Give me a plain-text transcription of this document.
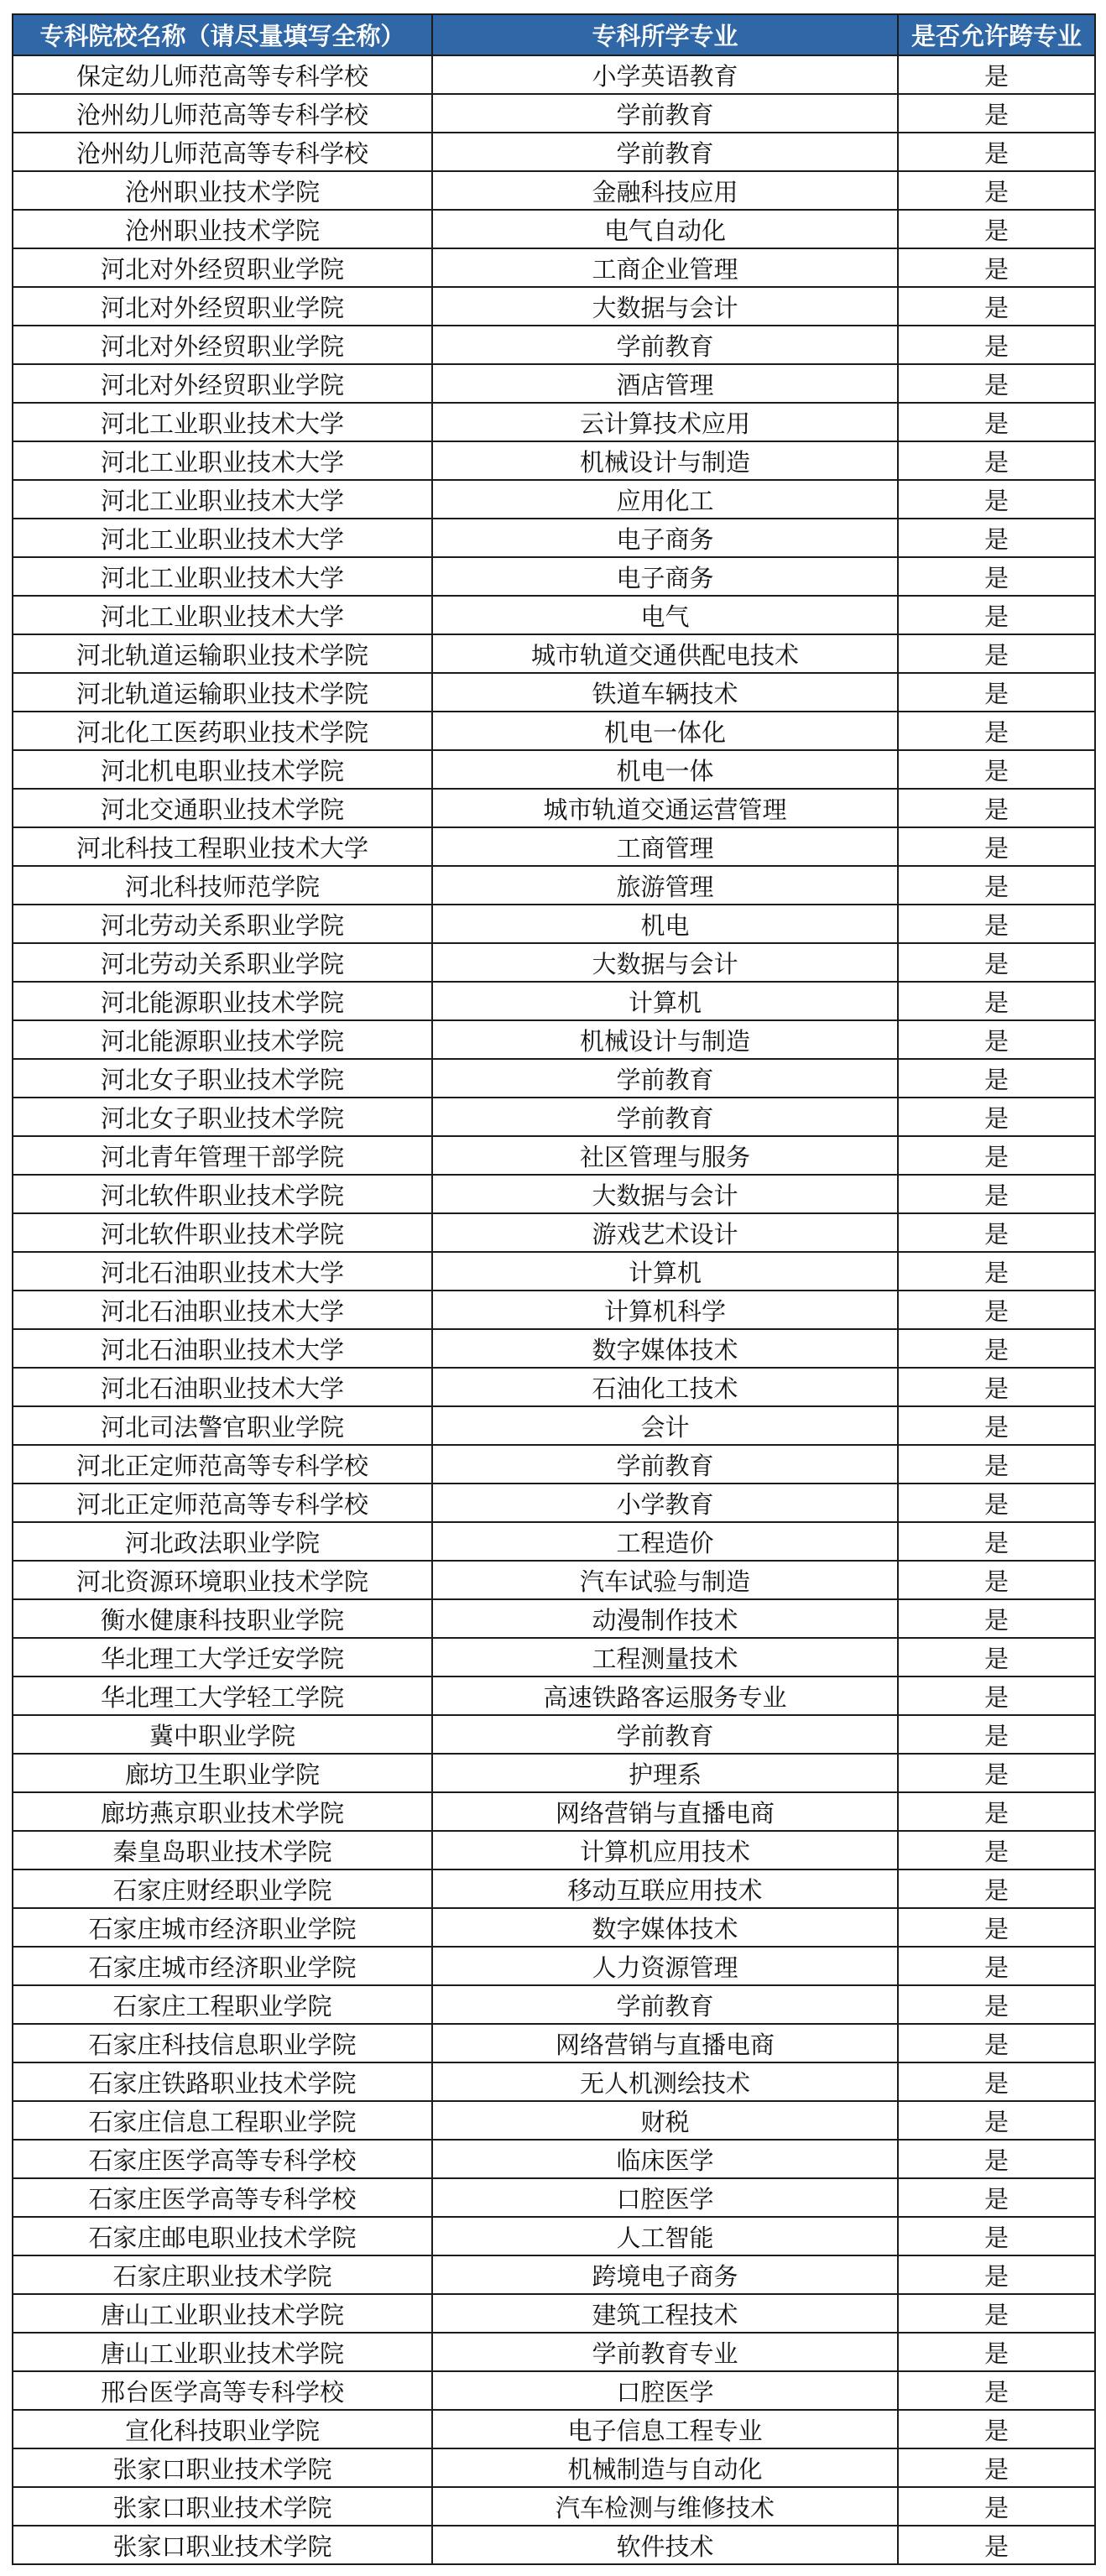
专科院校名称（请尽量填写全称）	专科所学专业	是否允许跨专业
保定幼儿师范高等专科学校	小学英语教育	是
沧州幼儿师范高等专科学校	学前教育	是
沧州幼儿师范高等专科学校	学前教育	是
沧州职业技术学院	金融科技应用	是
沧州职业技术学院	电气自动化	是
河北对外经贸职业学院	工商企业管理	是
河北对外经贸职业学院	大数据与会计	是
河北对外经贸职业学院	学前教育	是
河北对外经贸职业学院	酒店管理	是
河北工业职业技术大学	云计算技术应用	是
河北工业职业技术大学	机械设计与制造	是
河北工业职业技术大学	应用化工	是
河北工业职业技术大学	电子商务	是
河北工业职业技术大学	电子商务	是
河北工业职业技术大学	电气	是
河北轨道运输职业技术学院	城市轨道交通供配电技术	是
河北轨道运输职业技术学院	铁道车辆技术	是
河北化工医药职业技术学院	机电一体化	是
河北机电职业技术学院	机电一体	是
河北交通职业技术学院	城市轨道交通运营管理	是
河北科技工程职业技术大学	工商管理	是
河北科技师范学院	旅游管理	是
河北劳动关系职业学院	机电	是
河北劳动关系职业学院	大数据与会计	是
河北能源职业技术学院	计算机	是
河北能源职业技术学院	机械设计与制造	是
河北女子职业技术学院	学前教育	是
河北女子职业技术学院	学前教育	是
河北青年管理干部学院	社区管理与服务	是
河北软件职业技术学院	大数据与会计	是
河北软件职业技术学院	游戏艺术设计	是
河北石油职业技术大学	计算机	是
河北石油职业技术大学	计算机科学	是
河北石油职业技术大学	数字媒体技术	是
河北石油职业技术大学	石油化工技术	是
河北司法警官职业学院	会计	是
河北正定师范高等专科学校	学前教育	是
河北正定师范高等专科学校	小学教育	是
河北政法职业学院	工程造价	是
河北资源环境职业技术学院	汽车试验与制造	是
衡水健康科技职业学院	动漫制作技术	是
华北理工大学迁安学院	工程测量技术	是
华北理工大学轻工学院	高速铁路客运服务专业	是
冀中职业学院	学前教育	是
廊坊卫生职业学院	护理系	是
廊坊燕京职业技术学院	网络营销与直播电商	是
秦皇岛职业技术学院	计算机应用技术	是
石家庄财经职业学院	移动互联应用技术	是
石家庄城市经济职业学院	数字媒体技术	是
石家庄城市经济职业学院	人力资源管理	是
石家庄工程职业学院	学前教育	是
石家庄科技信息职业学院	网络营销与直播电商	是
石家庄铁路职业技术学院	无人机测绘技术	是
石家庄信息工程职业学院	财税	是
石家庄医学高等专科学校	临床医学	是
石家庄医学高等专科学校	口腔医学	是
石家庄邮电职业技术学院	人工智能	是
石家庄职业技术学院	跨境电子商务	是
唐山工业职业技术学院	建筑工程技术	是
唐山工业职业技术学院	学前教育专业	是
邢台医学高等专科学校	口腔医学	是
宣化科技职业学院	电子信息工程专业	是
张家口职业技术学院	机械制造与自动化	是
张家口职业技术学院	汽车检测与维修技术	是
张家口职业技术学院	软件技术	是
